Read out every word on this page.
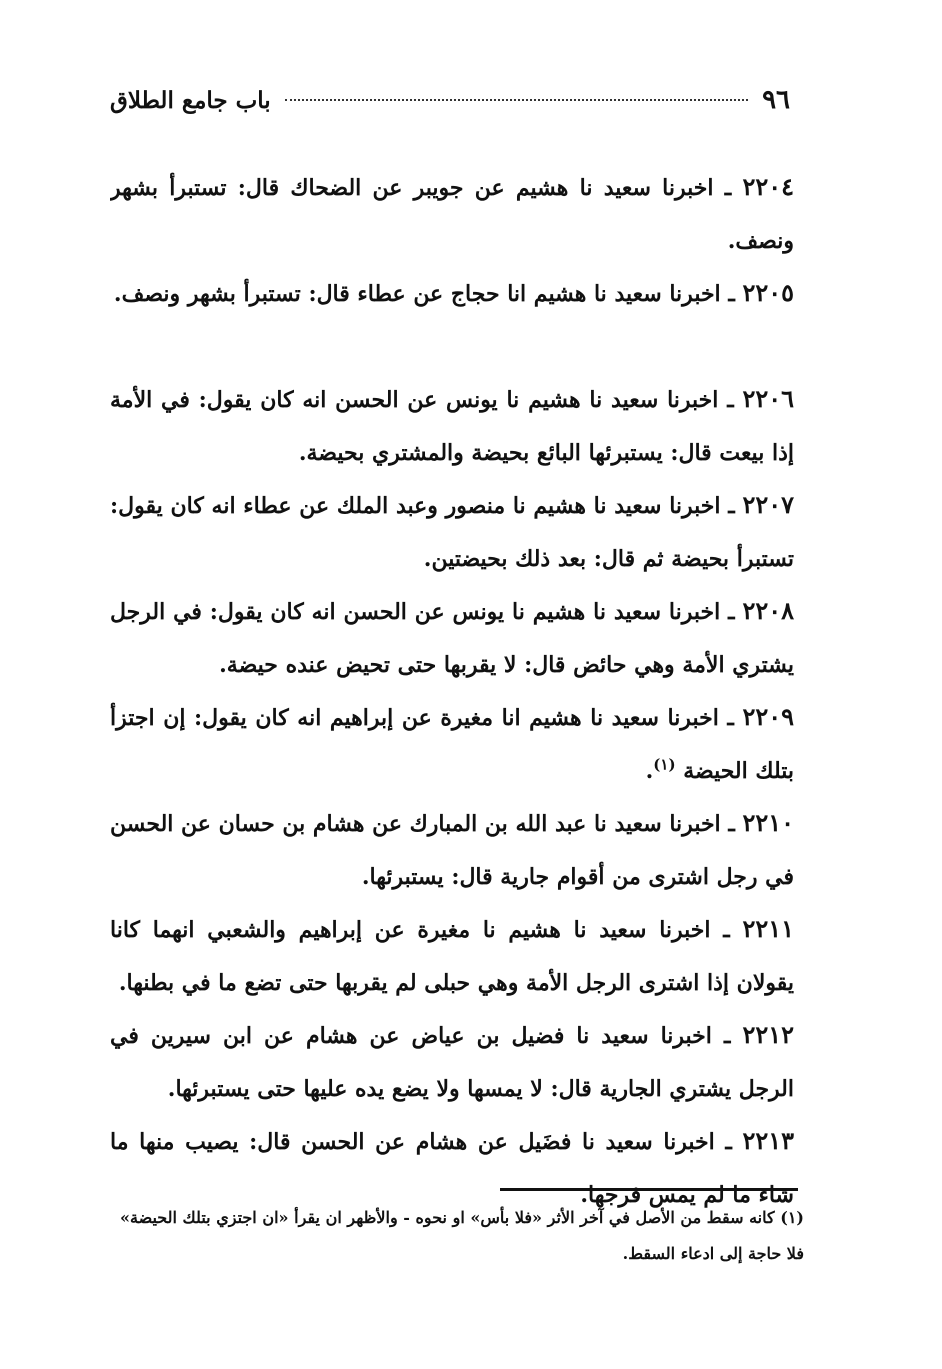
٩٦
باب جامع الطلاق

٢٢٠٤ ـ اخبرنا سعيد نا هشيم عن جويبر عن الضحاك قال: تستبرأ بشهر ونصف.

٢٢٠٥ ـ اخبرنا سعيد نا هشيم انا حجاج عن عطاء قال: تستبرأ بشهر ونصف.

٢٢٠٦ ـ اخبرنا سعيد نا هشيم نا يونس عن الحسن انه كان يقول: في الأمة إذا بيعت قال: يستبرئها البائع بحيضة والمشتري بحيضة.

٢٢٠٧ ـ اخبرنا سعيد نا هشيم نا منصور وعبد الملك عن عطاء انه كان يقول: تستبرأ بحيضة ثم قال: بعد ذلك بحيضتين.

٢٢٠٨ ـ اخبرنا سعيد نا هشيم نا يونس عن الحسن انه كان يقول: في الرجل يشتري الأمة وهي حائض قال: لا يقربها حتى تحيض عنده حيضة.

٢٢٠٩ ـ اخبرنا سعيد نا هشيم انا مغيرة عن إبراهيم انه كان يقول: إن اجتزأ بتلك الحيضة $^{(١)}$.

٢٢١٠ ـ اخبرنا سعيد نا عبد الله بن المبارك عن هشام بن حسان عن الحسن في رجل اشترى من أقوام جارية قال: يستبرئها.

٢٢١١ ـ اخبرنا سعيد نا هشيم نا مغيرة عن إبراهيم والشعبي انهما كانا يقولان إذا اشترى الرجل الأمة وهي حبلى لم يقربها حتى تضع ما في بطنها.

٢٢١٢ ـ اخبرنا سعيد نا فضيل بن عياض عن هشام عن ابن سيرين في الرجل يشتري الجارية قال: لا يمسها ولا يضع يده عليها حتى يستبرئها.

٢٢١٣ ـ اخبرنا سعيد نا فضَيل عن هشام عن الحسن قال: يصيب منها ما شاء ما لم يمس فرجها.

(١) كانه سقط من الأصل في آخر الأثر «فلا بأس» او نحوه - والأظهر ان يقرأ «ان اجتزي بتلك الحيضة» فلا حاجة إلى ادعاء السقط.
